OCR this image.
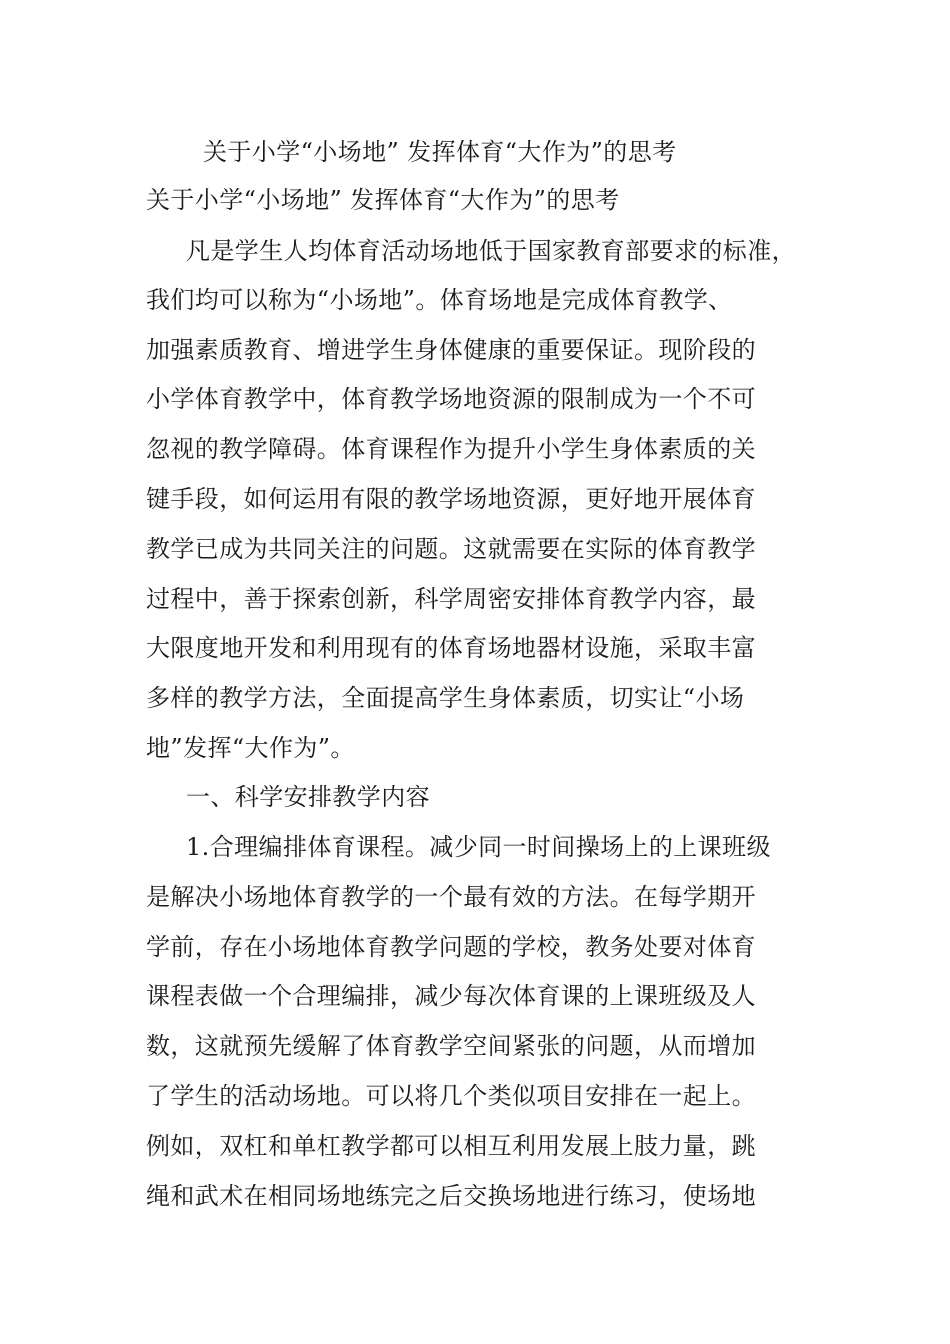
关于小学“小场地” 发挥体育“大作为”的思考
关于小学“小场地” 发挥体育“大作为”的思考
凡是学生人均体育活动场地低于国家教育部要求的标准，
我们均可以称为“小场地”。体育场地是完成体育教学、
加强素质教育、增进学生身体健康的重要保证。现阶段的
小学体育教学中，体育教学场地资源的限制成为一个不可
忽视的教学障碍。体育课程作为提升小学生身体素质的关
键手段，如何运用有限的教学场地资源，更好地开展体育
教学已成为共同关注的问题。这就需要在实际的体育教学
过程中，善于探索创新，科学周密安排体育教学内容，最
大限度地开发和利用现有的体育场地器材设施，采取丰富
多样的教学方法，全面提高学生身体素质，切实让“小场
地”发挥“大作为”。
一、科学安排教学内容
1.合理编排体育课程。减少同一时间操场上的上课班级
是解决小场地体育教学的一个最有效的方法。在每学期开
学前，存在小场地体育教学问题的学校，教务处要对体育
课程表做一个合理编排，减少每次体育课的上课班级及人
数，这就预先缓解了体育教学空间紧张的问题，从而增加
了学生的活动场地。可以将几个类似项目安排在一起上。
例如，双杠和单杠教学都可以相互利用发展上肢力量，跳
绳和武术在相同场地练完之后交换场地进行练习，使场地
